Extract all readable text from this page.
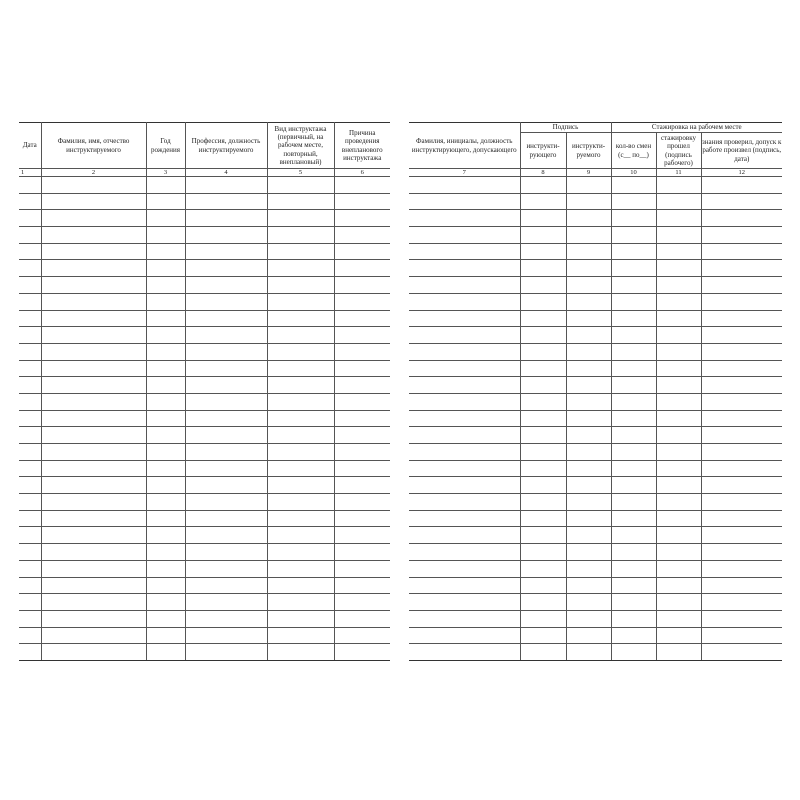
Дата	Фамилия, имя, отчество инструктируемого	Год рождения	Профессия, должность инструктируемого	Вид инструктажа (первичный, на рабочем месте, повторный, внеплановый)	Причина проведения внепланового инструктажа
1	2	3	4	5	6

Фамилия, инициалы, должность инструктирующего, допускающего	Подпись		Стажировка на рабочем месте		
	инструкти-рующего	инструкти-руемого	кол-во смен (с__ по__)	стажировку прошел (подпись рабочего)	знания проверил, допуск к работе произвел (подпись, дата)
7	8	9	10	11	12
